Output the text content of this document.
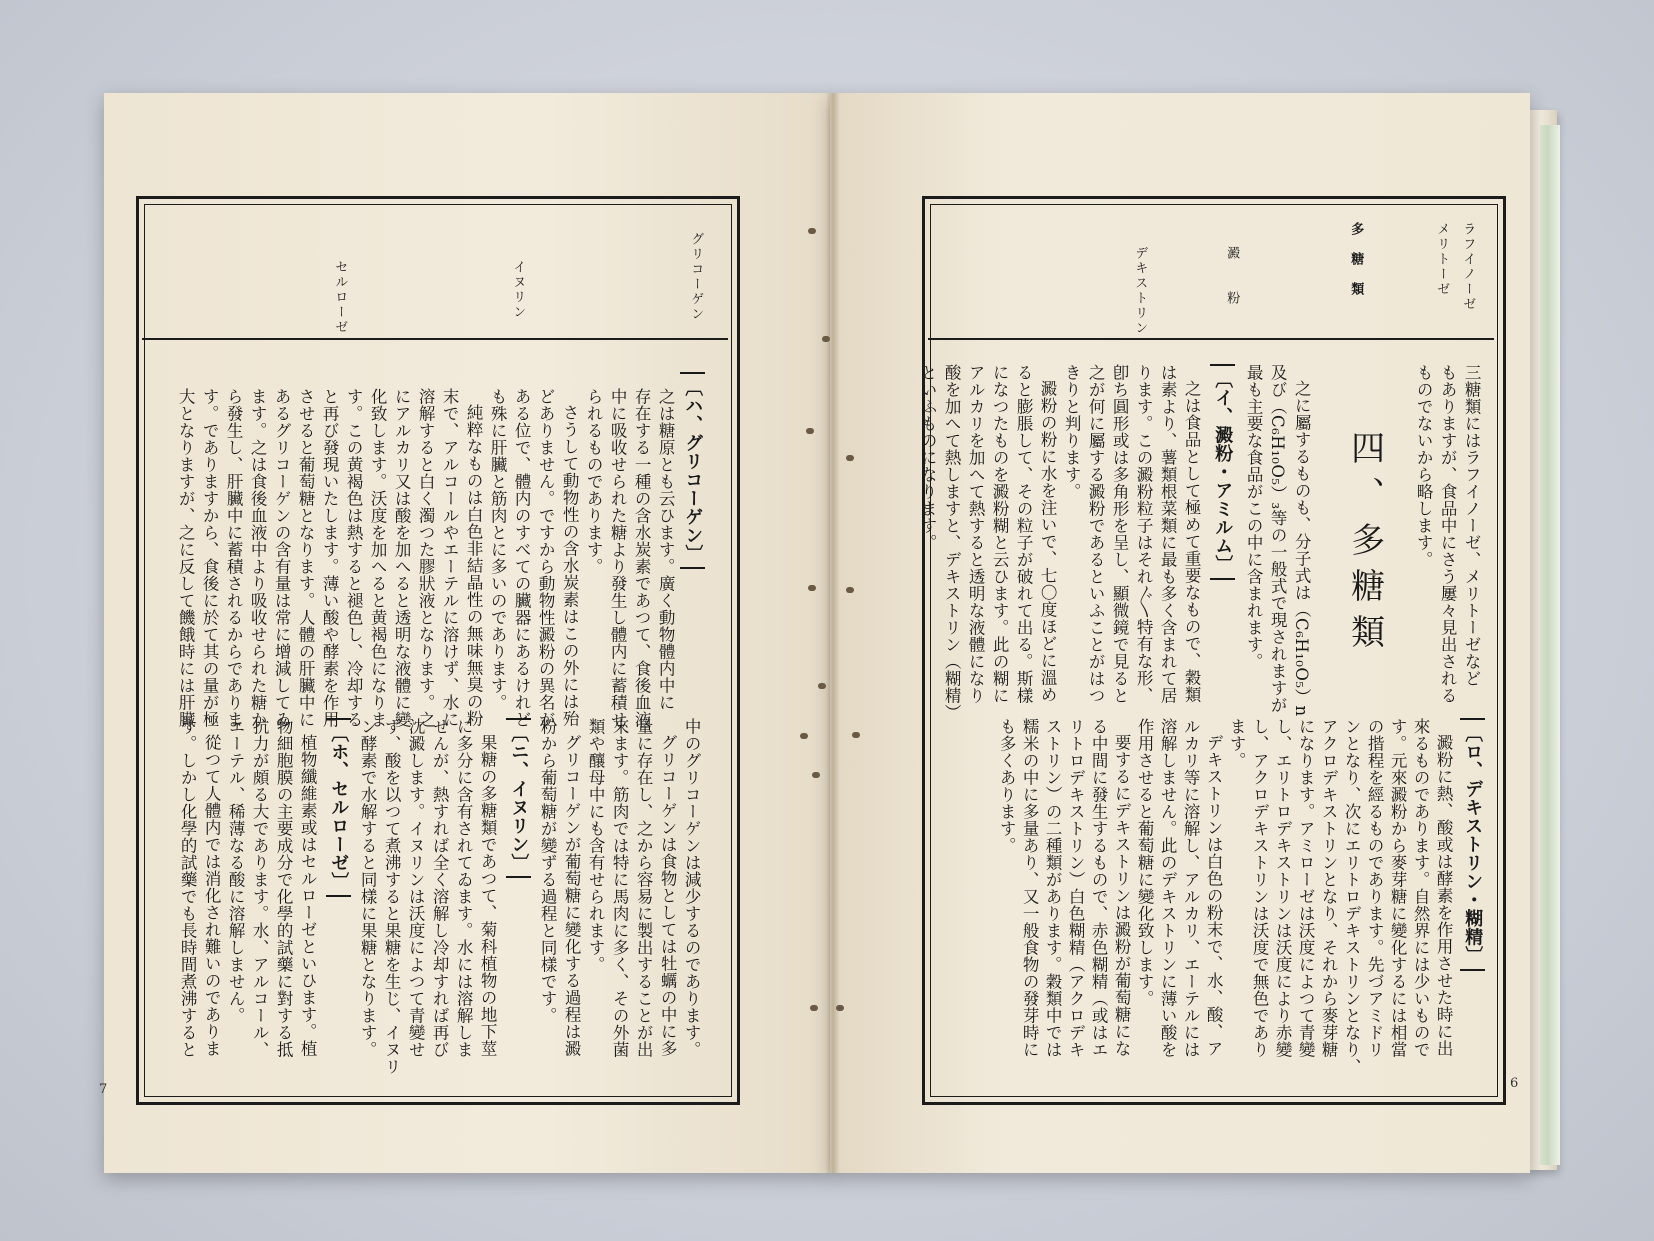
グリコーゲン
イヌリン
セルローゼ
〔ハ、グリコーゲン〕
之は糖原とも云ひます。廣く動物體内中に
存在する一種の含水炭素であつて、食後血液
中に吸收せられた糖より發生し體内に蓄積せ
られるものであります。
さうして動物性の含水炭素はこの外には殆
どありません。ですから動物性澱粉の異名が
ある位で、體内のすべての臟器にあるけれど
も殊に肝臟と筋肉とに多いのであります。
純粹なものは白色非結晶性の無味無臭の粉
末で、アルコールやエーテルに溶けず、水に
溶解すると白く濁つた膠狀液となります。之
にアルカリ又は酸を加へると透明な液體に變
化致します。沃度を加へると黄褐色になりま
す。この黄褐色は熱すると褪色し、冷却する
と再び發現いたします。薄い酸や酵素を作用
させると葡萄糖となります。人體の肝臟中に
あるグリコーゲンの含有量は常に增減してゐ
ます。之は食後血液中より吸收せられた糖か
ら發生し、肝臟中に蓄積されるからでありま
す。でありますから、食後に於て其の量が極
大となりますが、之に反して饑餓時には肝臟
中のグリコーゲンは減少するのであります。
グリコーゲンは食物としては牡蠣の中に多
量に存在し、之から容易に製出することが出
來ます。筋肉では特に馬肉に多く、その外菌
類や釀母中にも含有せられます。
グリコーゲンが葡萄糖に變化する過程は澱
粉から葡萄糖が變ずる過程と同樣です。
〔ニ、イヌリン〕
果糖の多糖類であつて、菊科植物の地下莖
に多分に含有されてゐます。水には溶解しま
せんが、熱すれば全く溶解し冷却すれば再び
沈澱します。イヌリンは沃度によつて青變せ
ず、酸を以つて煮沸すると果糖を生じ、イヌリ
ン酵素で水解すると同樣に果糖となります。
〔ホ、セルローゼ〕
植物纖維素或はセルローゼといひます。植
物細胞膜の主要成分で化學的試藥に對する抵
抗力が頗る大であります。水、アルコール、
エーテル、稀薄なる酸に溶解しません。
從つて人體内では消化され難いのでありま
す。しかし化學的試藥でも長時間煮沸すると
7
ラフイノーゼ
メリトーゼ
多　糖　類
澱　　粉
デキストリン
三糖類にはラフイノーゼ、メリトーゼなど
もありますが、食品中にさう屢々見出される
ものでないから略します。
四、多糖類
之に屬するものも、分子式は（C₆H₁₀O₅）n
及び（C₆H₁₀O₅）₃等の一般式で現されますが
最も主要な食品がこの中に含まれます。
〔イ、澱粉・アミルム〕
之は食品として極めて重要なもので、穀類
は素より、薯類根菜類に最も多く含まれて居
ります。この澱粉粒子はそれ〴〵特有な形、
卽ち圓形或は多角形を呈し、顯微鏡で見ると
之が何に屬する澱粉であるといふことがはつ
きりと判ります。
澱粉の粉に水を注いで、七〇度ほどに溫め
ると膨脹して、その粒子が破れて出る。斯樣
になつたものを澱粉糊と云ひます。此の糊に
アルカリを加へて熱すると透明な液體になり
酸を加へて熱しますと、デキストリン（糊精）
といふものになります。
〔ロ、デキストリン・糊精〕
澱粉に熱、酸或は酵素を作用させた時に出
來るものであります。自然界には少いもので
す。元來澱粉から麥芽糖に變化するには相當
の揩程を經るものであります。先づアミドリ
ンとなり、次にエリトロデキストリンとなり、
アクロデキストリンとなり、それから麥芽糖
になります。アミローゼは沃度によつて青變
し、エリトロデキストリンは沃度により赤變
し、アクロデキストリンは沃度で無色であり
ます。
デキストリンは白色の粉末で、水、酸、ア
ルカリ等に溶解し、アルカリ、エーテルには
溶解しません。此のデキストリンに薄い酸を
作用させると葡萄糖に變化致します。
要するにデキストリンは澱粉が葡萄糖にな
る中間に發生するもので、赤色糊精（或はエ
リトロデキストリン）白色糊精（アクロデキ
ストリン）の二種類があります。穀類中では
糯米の中に多量あり、又一般食物の發芽時に
も多くあります。
6
